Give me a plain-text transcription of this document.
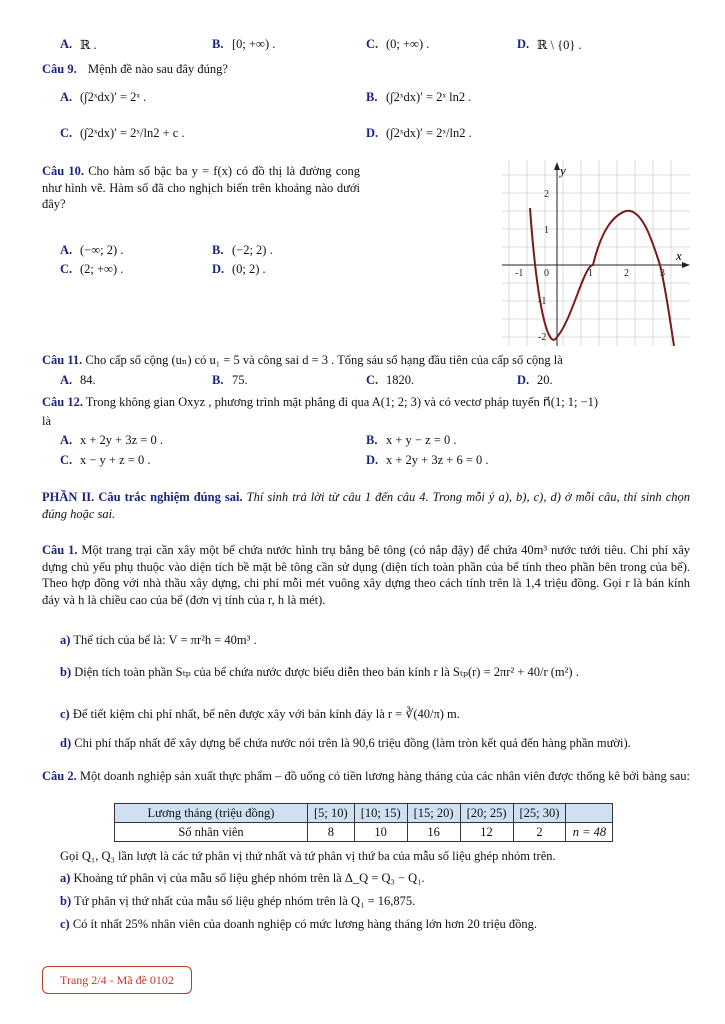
A. ℝ .	B. [0; +∞) .	C. (0; +∞) .	D. ℝ \ {0} .
Câu 9. Mệnh đề nào sau đây đúng?
A. (∫2ˣdx)′ = 2ˣ .	B. (∫2ˣdx)′ = 2ˣ ln2 .
C. (∫2ˣdx)′ = 2ˣ/ln2 + c .	D. (∫2ˣdx)′ = 2ˣ/ln2 .
Câu 10. Cho hàm số bậc ba y = f(x) có đồ thị là đường cong như hình vẽ. Hàm số đã cho nghịch biến trên khoảng nào dưới đây?
A. (−∞; 2) .	B. (−2; 2) .
C. (2; +∞) .	D. (0; 2) .
y
x
-1 0	1	2	3
2
1
-1
-2
Câu 11. Cho cấp số cộng (uₙ) có u₁ = 5 và công sai d = 3 . Tổng sáu số hạng đầu tiên của cấp số cộng là
A. 84.	B. 75.	C. 1820.	D. 20.
Câu 12. Trong không gian Oxyz , phương trình mặt phẳng đi qua A(1; 2; 3) và có vectơ pháp tuyến n⃗(1; 1; −1)
là
A. x + 2y + 3z = 0 .	B. x + y − z = 0 .
C. x − y + z = 0 .	D. x + 2y + 3z + 6 = 0 .
PHẦN II. Câu trắc nghiệm đúng sai. Thí sinh trả lời từ câu 1 đến câu 4. Trong mỗi ý a), b), c), d) ở mỗi câu, thí sinh chọn đúng hoặc sai.
Câu 1. Một trang trại cần xây một bể chứa nước hình trụ bằng bê tông (có nắp đậy) để chứa 40m³ nước tưới tiêu. Chi phí xây dựng chủ yếu phụ thuộc vào diện tích bề mặt bê tông cần sử dụng (diện tích toàn phần của bể tính theo phần bên trong của bể). Theo hợp đồng với nhà thầu xây dựng, chi phí mỗi mét vuông xây dựng theo cách tính trên là 1,4 triệu đồng. Gọi r là bán kính đáy và h là chiều cao của bể (đơn vị tính của r, h là mét).
a) Thể tích của bể là: V = πr²h = 40m³ .
b) Diện tích toàn phần Sₜₚ của bể chứa nước được biểu diễn theo bán kính r là Sₜₚ(r) = 2πr² + 40/r (m²) .
c) Để tiết kiệm chi phí nhất, bể nên được xây với bán kính đáy là r = ∛(40/π) m.
d) Chi phí thấp nhất để xây dựng bể chứa nước nói trên là 90,6 triệu đồng (làm tròn kết quả đến hàng phần mười).
Câu 2. Một doanh nghiệp sản xuất thực phẩm – đồ uống có tiền lương hàng tháng của các nhân viên được thống kê bởi bảng sau:
Lương tháng (triệu đồng)	[5; 10)	[10; 15)	[15; 20)	[20; 25)	[25; 30)	
Số nhân viên	8	10	16	12	2	n = 48
Gọi Q₁, Q₃ lần lượt là các tứ phân vị thứ nhất và tứ phân vị thứ ba của mẫu số liệu ghép nhóm trên.
a) Khoảng tứ phân vị của mẫu số liệu ghép nhóm trên là Δ_Q = Q₃ − Q₁.
b) Tứ phân vị thứ nhất của mẫu số liệu ghép nhóm trên là Q₁ = 16,875.
c) Có ít nhất 25% nhân viên của doanh nghiệp có mức lương hàng tháng lớn hơn 20 triệu đồng.
Trang 2/4 - Mã đề 0102
